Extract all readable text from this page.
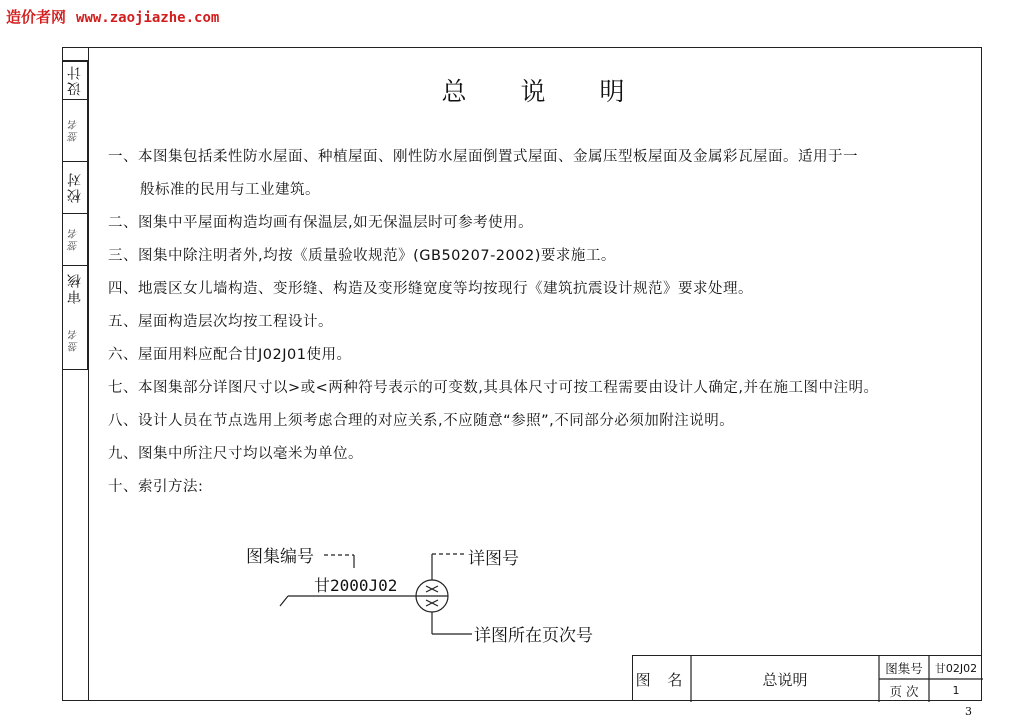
造价者网 www.zaojiazhe.com
设计
签名
校对
签名
审核
签名
总说明
一、本图集包括柔性防水屋面、种植屋面、刚性防水屋面倒置式屋面、金属压型板屋面及金属彩瓦屋面。适用于一
般标准的民用与工业建筑。
二、图集中平屋面构造均画有保温层,如无保温层时可参考使用。
三、图集中除注明者外,均按《质量验收规范》(GB50207-2002)要求施工。
四、地震区女儿墙构造、变形缝、构造及变形缝宽度等均按现行《建筑抗震设计规范》要求处理。
五、屋面构造层次均按工程设计。
六、屋面用料应配合甘J02J01使用。
七、本图集部分详图尺寸以>或<两种符号表示的可变数,其具体尺寸可按工程需要由设计人确定,并在施工图中注明。
八、设计人员在节点选用上须考虑合理的对应关系,不应随意“参照”,不同部分必须加附注说明。
九、图集中所注尺寸均以毫米为单位。
十、索引方法:
图集编号
甘2000J02
详图号
详图所在页次号
图 名	总说明
图集号	甘02J02
页 次	1
3
